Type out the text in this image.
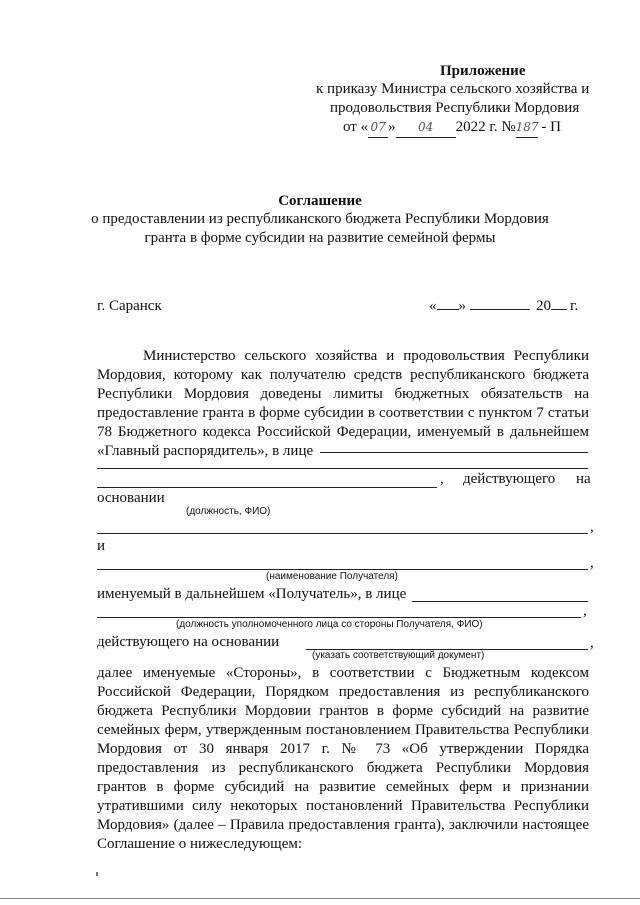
Приложение
к приказу Министра сельского хозяйства и
продовольствия Республики Мордовия
от « 07 » 04 2022 г. №187 - П
Соглашение
о предоставлении из республиканского бюджета Республики Мордовия
гранта в форме субсидии на развитие семейной фермы
г. Саранск	« »	20 г.
Министерство сельского хозяйства и продовольствия Республики Мордовия, которому как получателю средств республиканского бюджета Республики Мордовия доведены лимиты бюджетных обязательств на предоставление гранта в форме субсидии в соответствии с пунктом 7 статьи 78 Бюджетного кодекса Российской Федерации, именуемый в дальнейшем «Главный распорядитель», в лице
, действующего на
основании
(должность, ФИО)
,
и
,
(наименование Получателя)
именуемый в дальнейшем «Получатель», в лице
,
(должность уполномоченного лица со стороны Получателя, ФИО)
действующего на основании	,
(указать соответствующий документ)
далее именуемые «Стороны», в соответствии с Бюджетным кодексом Российской Федерации, Порядком предоставления из республиканского бюджета Республики Мордовии грантов в форме субсидий на развитие семейных ферм, утвержденным постановлением Правительства Республики Мордовия от 30 января 2017 г. № 73 «Об утверждении Порядка предоставления из республиканского бюджета Республики Мордовия грантов в форме субсидий на развитие семейных ферм и признании утратившими силу некоторых постановлений Правительства Республики Мордовия» (далее – Правила предоставления гранта), заключили настоящее Соглашение о нижеследующем:
